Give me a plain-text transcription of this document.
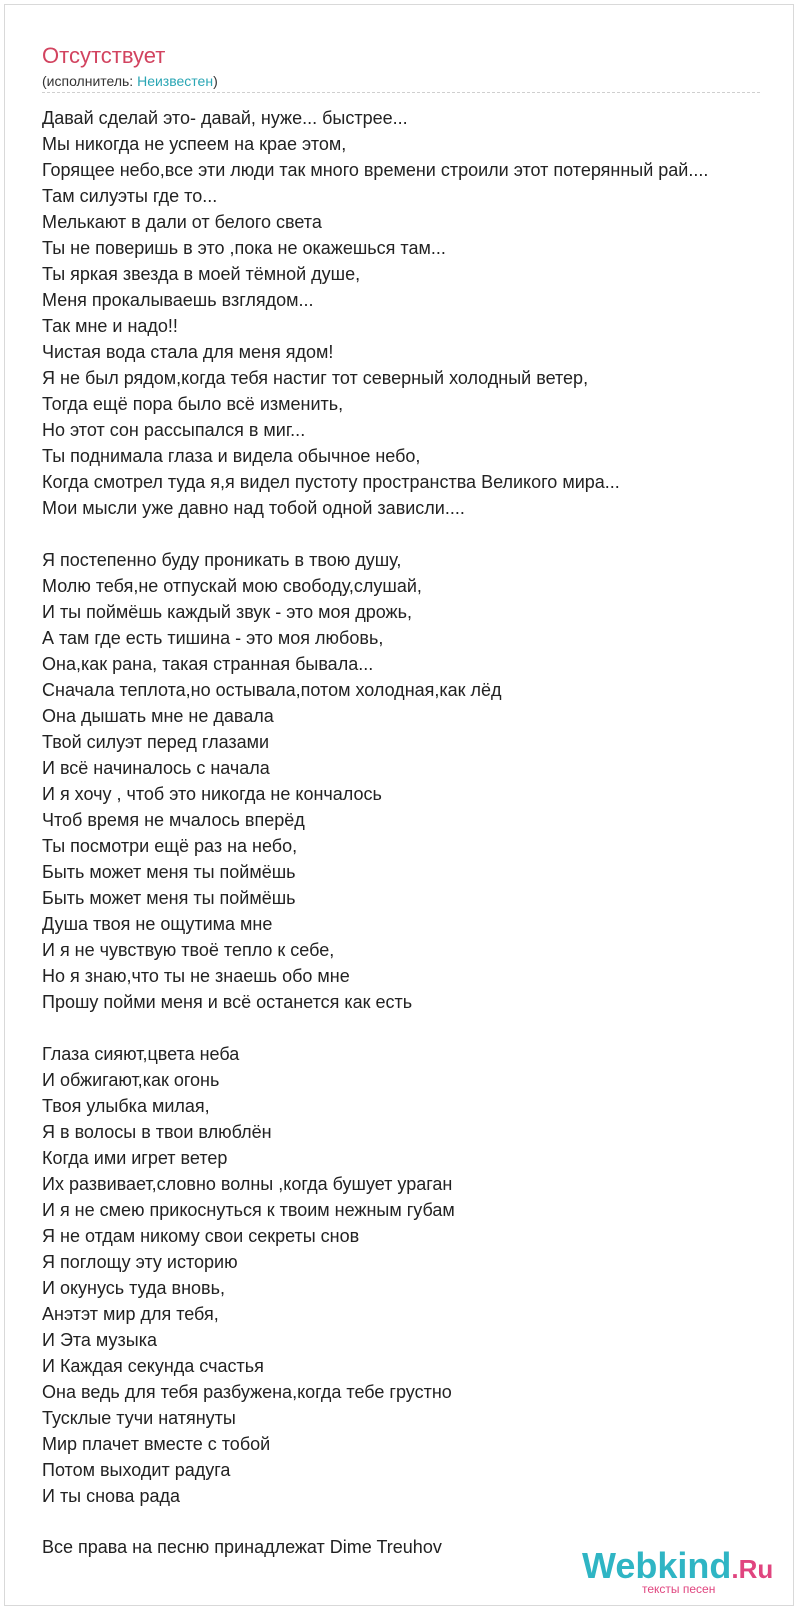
Отсутствует
(исполнитель: Неизвестен)
Давай сделай это- давай, нуже... быстрее...
Мы никогда не успеем на крае этом,
Горящее небо,все эти люди так много времени строили этот потерянный рай....
Там силуэты где то...
Мелькают в дали от белого света
Ты не поверишь в это ,пока не окажешься там...
Ты яркая звезда в моей тёмной душе,
Меня прокалываешь взглядом...
Так мне и надо!!
Чистая вода стала для меня ядом!
Я не был рядом,когда тебя настиг тот северный холодный ветер,
Тогда ещё пора было всё изменить,
Но этот сон рассыпался в миг...
Ты поднимала глаза и видела обычное небо,
Когда смотрел туда я,я видел пустоту пространства Великого мира...
Мои мысли уже давно над тобой одной зависли....
Я постепенно буду проникать в твою душу,
Молю тебя,не отпускай мою свободу,слушай,
И ты поймёшь каждый звук - это моя дрожь,
А там где есть тишина - это моя любовь,
Она,как рана, такая странная бывала...
Сначала теплота,но остывала,потом холодная,как лёд
Она дышать мне не давала
Твой силуэт перед глазами
И всё начиналось с начала
И я хочу , чтоб это никогда не кончалось
Чтоб время не мчалось вперёд
Ты посмотри ещё раз на небо,
Быть может меня ты поймёшь
Быть может меня ты поймёшь
Душа твоя не ощутима мне
И я не чувствую твоё тепло к себе,
Но я знаю,что ты не знаешь обо мне
Прошу пойми меня и всё останется как есть
Глаза сияют,цвета неба
И обжигают,как огонь
Твоя улыбка милая,
Я в волосы в твои влюблён
Когда ими игрет ветер
Их развивает,словно волны ,когда бушует ураган
И я не смею прикоснуться к твоим нежным губам
Я не отдам никому свои секреты снов
Я поглощу эту историю
И окунусь туда вновь,
Анэтэт мир для тебя,
И Эта музыка
И Каждая секунда счастья
Она ведь для тебя разбужена,когда тебе грустно
Тусклые тучи натянуты
Мир плачет вместе с тобой
Потом выходит радуга
И ты снова рада
Все права на песню принадлежат Dime Treuhov	Webkind.Ru
тексты песен
